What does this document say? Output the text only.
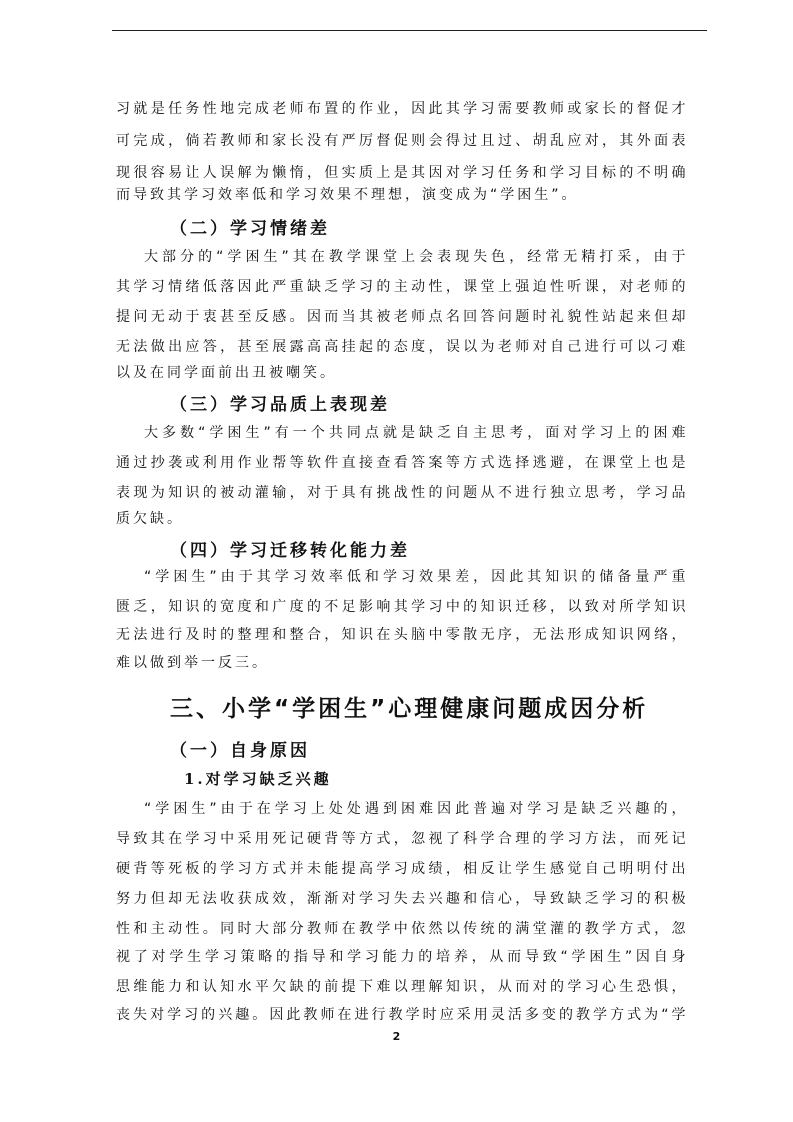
习就是任务性地完成老师布置的作业，因此其学习需要教师或家长的督促才
可完成，倘若教师和家长没有严厉督促则会得过且过、胡乱应对，其外面表
现很容易让人误解为懒惰，但实质上是其因对学习任务和学习目标的不明确
而导致其学习效率低和学习效果不理想，演变成为“学困生”。
（二）学习情绪差
大部分的“学困生”其在教学课堂上会表现失色，经常无精打采，由于
其学习情绪低落因此严重缺乏学习的主动性，课堂上强迫性听课，对老师的
提问无动于衷甚至反感。因而当其被老师点名回答问题时礼貌性站起来但却
无法做出应答，甚至展露高高挂起的态度，误以为老师对自己进行可以刁难
以及在同学面前出丑被嘲笑。
（三）学习品质上表现差
大多数“学困生”有一个共同点就是缺乏自主思考，面对学习上的困难
通过抄袭或利用作业帮等软件直接查看答案等方式选择逃避，在课堂上也是
表现为知识的被动灌输，对于具有挑战性的问题从不进行独立思考，学习品
质欠缺。
（四）学习迁移转化能力差
“学困生”由于其学习效率低和学习效果差，因此其知识的储备量严重
匮乏，知识的宽度和广度的不足影响其学习中的知识迁移，以致对所学知识
无法进行及时的整理和整合，知识在头脑中零散无序，无法形成知识网络，
难以做到举一反三。
三、小学“学困生”心理健康问题成因分析
（一）自身原因
1.对学习缺乏兴趣
“学困生”由于在学习上处处遇到困难因此普遍对学习是缺乏兴趣的，
导致其在学习中采用死记硬背等方式，忽视了科学合理的学习方法，而死记
硬背等死板的学习方式并未能提高学习成绩，相反让学生感觉自己明明付出
努力但却无法收获成效，渐渐对学习失去兴趣和信心，导致缺乏学习的积极
性和主动性。同时大部分教师在教学中依然以传统的满堂灌的教学方式，忽
视了对学生学习策略的指导和学习能力的培养，从而导致“学困生”因自身
思维能力和认知水平欠缺的前提下难以理解知识，从而对的学习心生恐惧，
丧失对学习的兴趣。因此教师在进行教学时应采用灵活多变的教学方式为“学
2
